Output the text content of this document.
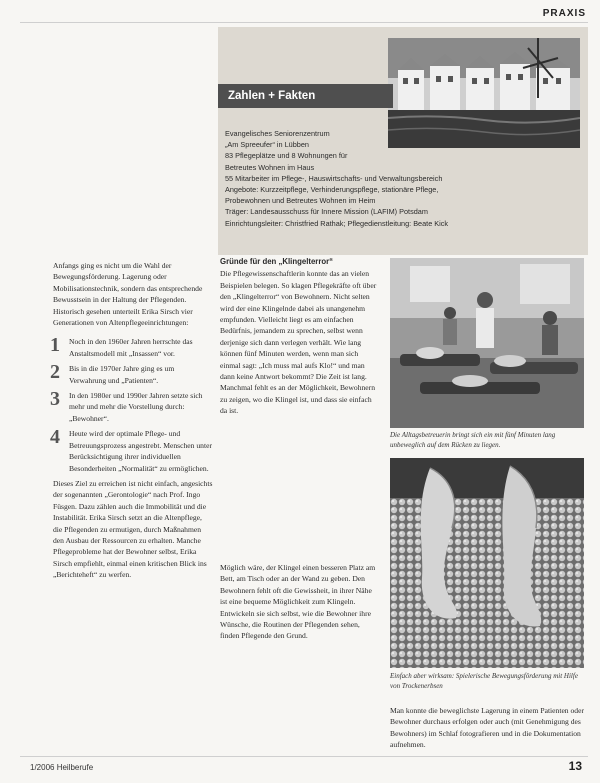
PRAXIS
Zahlen + Fakten
Evangelisches Seniorenzentrum
„Am Spreeufer“ in Lübben
83 Pflegeplätze und 8 Wohnungen für
Betreutes Wohnen im Haus
55 Mitarbeiter im Pflege-, Hauswirtschafts- und Verwaltungsbereich
Angebote: Kurzzeitpflege, Verhinderungspflege, stationäre Pflege,
Probewohnen und Betreutes Wohnen im Heim
Träger: Landesausschuss für Innere Mission (LAFIM) Potsdam
Einrichtungsleiter: Christfried Rathak; Pflegedienstleitung: Beate Kick

Anfangs ging es nicht um die Wahl der Bewegungsförderung. Lagerung oder Mobilisationstechnik, sondern das entsprechende Bewusstsein in der Haltung der Pflegenden. Historisch gesehen unterteilt Erika Sirsch vier Generationen von Altenpflegeeinrichtungen:

1 Noch in den 1960er Jahren herrschte das Anstaltsmodell mit „Insassen“ vor.
2 Bis in die 1970er Jahre ging es um Verwahrung und „Patienten“.
3 In den 1980er und 1990er Jahren setzte sich mehr und mehr die Vorstellung durch: „Bewohner“.
4 Heute wird der optimale Pflege- und Betreuungsprozess angestrebt. Menschen unter Berücksichtigung ihrer individuellen Besonderheiten „Normalität“ zu ermöglichen.

Dieses Ziel zu erreichen ist nicht einfach, angesichts der sogenannten „Gerontologie“ nach Prof. Ingo Füsgen. Dazu zählen auch die Immobilität und die Instabilität. Erika Sirsch setzt an die Altenpflege, die Pflegenden zu ermutigen, durch Maßnahmen den Ausbau der Ressourcen zu erhalten. Manche Pflegeprobleme hat der Bewohner selbst, Erika Sirsch empfiehlt, einmal einen kritischen Blick ins „Berichteheft“ zu werfen.

Gründe für den „Klingelterror“

Die Pflegewissenschaftlerin konnte das an vielen Beispielen belegen. So klagen Pflegekräfte oft über den „Klingelterror“ von Bewohnern. Nicht selten wird der eine Klingelnde dabei als unangenehm empfunden. Vielleicht liegt es am einfachen Bedürfnis, jemandem zu sprechen, selbst wenn derjenige sich dann verlegen verhält. Wie lang können fünf Minuten werden, wenn man sich einmal sagt: „Ich muss mal aufs Klo!“ und man dann keine Antwort bekommt? Die Zeit ist lang. Manchmal fehlt es an der Möglichkeit, Bewohnern zu zeigen, wo die Klingel ist, und dass sie einfach da ist.

Möglich wäre, der Klingel einen besseren Platz am Bett, am Tisch oder an der Wand zu geben. Den Bewohnern fehlt oft die Gewissheit, in ihrer Nähe ist eine bequeme Möglichkeit zum Klingeln. Entwickeln sie sich selbst, wie die Bewohner ihre Wünsche, die Routinen der Pflegenden sehen, finden Pflegende den Grund.

Die Alltagsbetreuerin bringt sich ein mit fünf Minuten lang unbeweglich auf dem Rücken zu liegen.
Einfach aber wirksam: Spielerische Bewegungsförderung mit Hilfe von Trockenerbsen
Man konnte die beweglichste Lagerung in einem Patienten oder Bewohner durchaus erfolgen oder auch (mit Genehmigung des Bewohners) im Schlaf fotografieren und in die Dokumentation aufnehmen.
1/2006 Heilberufe	13
